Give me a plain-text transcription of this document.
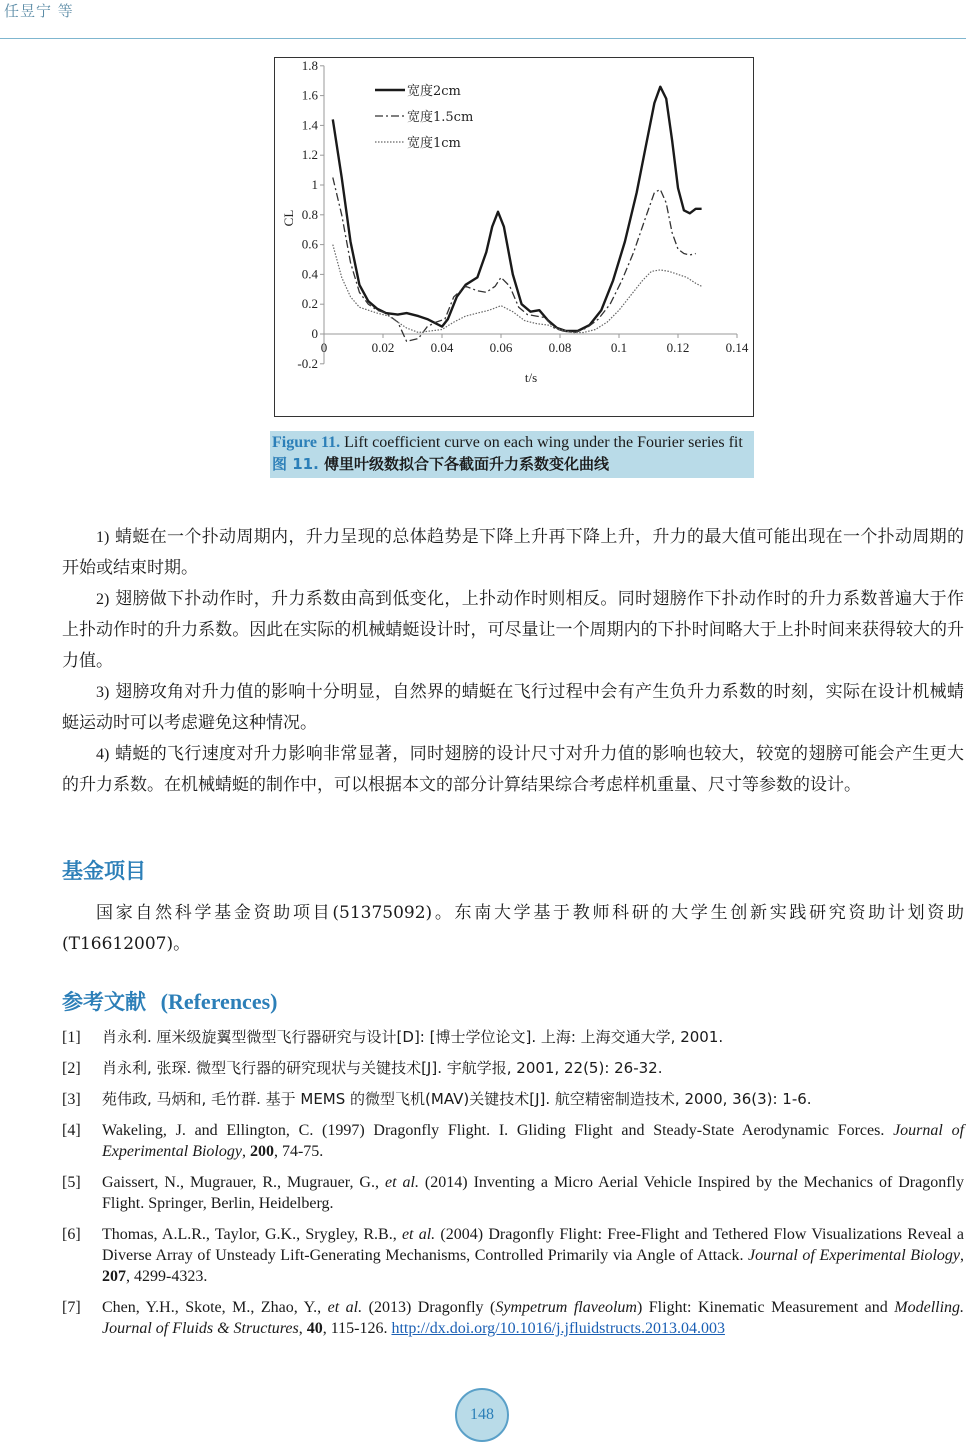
任昱宁 等
-0.2
0
0.2
0.4
0.6
0.8
1
1.2
1.4
1.6
1.8
0	0.02	0.04	0.06	0.08	0.1	0.12	0.14
t/s
CL
宽度2cm
宽度1.5cm
宽度1cm
Figure 11. Lift coefficient curve on each wing under the Fourier series fit
图 11. 傅里叶级数拟合下各截面升力系数变化曲线

1) 蜻蜓在一个扑动周期内，升力呈现的总体趋势是下降上升再下降上升，升力的最大值可能出现在一个扑动周期的开始或结束时期。

2) 翅膀做下扑动作时，升力系数由高到低变化，上扑动作时则相反。同时翅膀作下扑动作时的升力系数普遍大于作上扑动作时的升力系数。因此在实际的机械蜻蜓设计时，可尽量让一个周期内的下扑时间略大于上扑时间来获得较大的升力值。

3) 翅膀攻角对升力值的影响十分明显，自然界的蜻蜓在飞行过程中会有产生负升力系数的时刻，实际在设计机械蜻蜓运动时可以考虑避免这种情况。

4) 蜻蜓的飞行速度对升力影响非常显著，同时翅膀的设计尺寸对升力值的影响也较大，较宽的翅膀可能会产生更大的升力系数。在机械蜻蜓的制作中，可以根据本文的部分计算结果综合考虑样机重量、尺寸等参数的设计。

基金项目

国家自然科学基金资助项目(51375092)。东南大学基于教师科研的大学生创新实践研究资助计划资助(T16612007)。

参考文献 (References)
[1] 肖永利. 厘米级旋翼型微型飞行器研究与设计[D]: [博士学位论文]. 上海: 上海交通大学, 2001.
[2] 肖永利, 张琛. 微型飞行器的研究现状与关键技术[J]. 宇航学报, 2001, 22(5): 26-32.
[3] 苑伟政, 马炳和, 毛竹群. 基于 MEMS 的微型飞机(MAV)关键技术[J]. 航空精密制造技术, 2000, 36(3): 1-6.
[4] Wakeling, J. and Ellington, C. (1997) Dragonfly Flight. I. Gliding Flight and Steady-State Aerodynamic Forces. Journal of Experimental Biology, 200, 74-75.
[5] Gaissert, N., Mugrauer, R., Mugrauer, G., et al. (2014) Inventing a Micro Aerial Vehicle Inspired by the Mechanics of Dragonfly Flight. Springer, Berlin, Heidelberg.
[6] Thomas, A.L.R., Taylor, G.K., Srygley, R.B., et al. (2004) Dragonfly Flight: Free-Flight and Tethered Flow Visualizations Reveal a Diverse Array of Unsteady Lift-Generating Mechanisms, Controlled Primarily via Angle of Attack. Journal of Experimental Biology, 207, 4299-4323.
[7] Chen, Y.H., Skote, M., Zhao, Y., et al. (2013) Dragonfly (Sympetrum flaveolum) Flight: Kinematic Measurement and Modelling. Journal of Fluids & Structures, 40, 115-126. http://dx.doi.org/10.1016/j.jfluidstructs.2013.04.003
148
